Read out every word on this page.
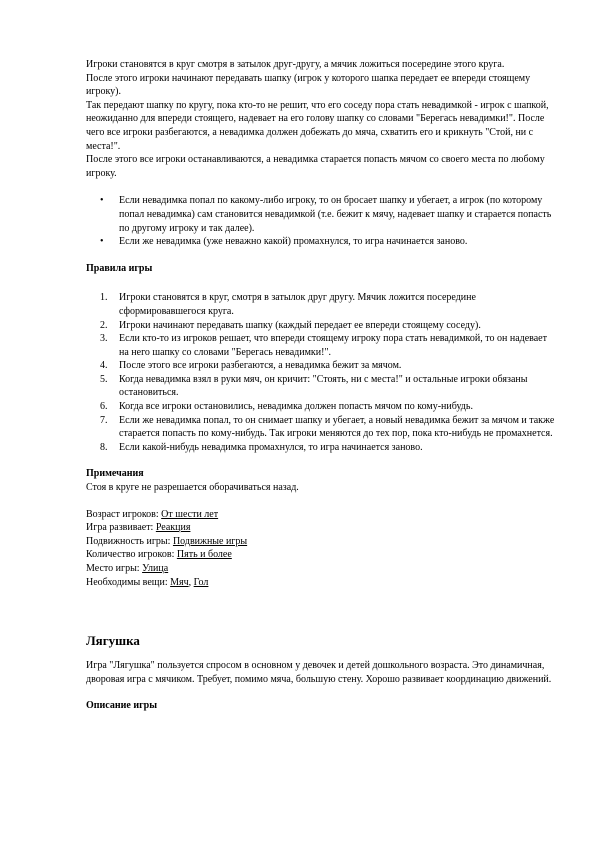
Игроки становятся в круг смотря в затылок друг-другу, а мячик ложиться посередине этого круга.

После этого игроки начинают передавать шапку (игрок у которого шапка передает ее впереди стоящему игроку).

Так передают шапку по кругу, пока кто-то не решит, что его соседу пора стать невадимкой - игрок с шапкой, неожиданно для впереди стоящего, надевает на его голову шапку со словами "Берегась невадимки!". После чего все игроки разбегаются, а невадимка должен добежать до мяча, схватить его и крикнуть "Стой, ни с места!".

После этого все игроки останавливаются, а невадимка старается попасть мячом со своего места по любому игроку.

• Если невадимка попал по какому-либо игроку, то он бросает шапку и убегает, а игрок (по которому попал невадимка) сам становится невадимкой (т.е. бежит к мячу, надевает шапку и старается попасть по другому игроку и так далее).
• Если же невадимка (уже неважно какой) промахнулся, то игра начинается заново.
Правила игры
1. Игроки становятся в круг, смотря в затылок друг другу. Мячик ложится посередине сформировавшегося круга.
2. Игроки начинают передавать шапку (каждый передает ее впереди стоящему соседу).
3. Если кто-то из игроков решает, что впереди стоящему игроку пора стать невадимкой, то он надевает на него шапку со словами "Берегась невадимки!".
4. После этого все игроки разбегаются, а невадимка бежит за мячом.
5. Когда невадимка взял в руки мяч, он кричит: "Стоять, ни с места!" и остальные игроки обязаны остановиться.
6. Когда все игроки остановились, невадимка должен попасть мячом по кому-нибудь.
7. Если же невадимка попал, то он снимает шапку и убегает, а новый невадимка бежит за мячом и также старается попасть по кому-нибудь. Так игроки меняются до тех пор, пока кто-нибудь не промахнется.
8. Если какой-нибудь невадимка промахнулся, то игра начинается заново.
Примечания

Стоя в круге не разрешается оборачиваться назад.

Возраст игроков: От шести лет
Игра развивает: Реакция
Подвижность игры: Подвижные игры
Количество игроков: Пять и более
Место игры: Улица
Необходимы вещи: Мяч, Гол
Лягушка

Игра "Лягушка" пользуется спросом в основном у девочек и детей дошкольного возраста. Это динамичная, дворовая игра с мячиком. Требует, помимо мяча, большую стену. Хорошо развивает координацию движений.

Описание игры
